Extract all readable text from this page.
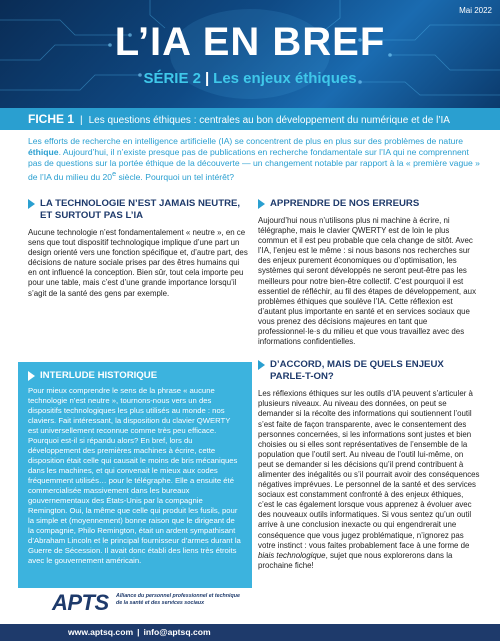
Mai 2022
L’IA EN BREF
SÉRIE 2 | Les enjeux éthiques
FICHE 1 | Les questions éthiques : centrales au bon développement du numérique et de l’IA
Les efforts de recherche en intelligence artificielle (IA) se concentrent de plus en plus sur des problèmes de nature éthique. Aujourd’hui, il n’existe presque pas de publications en recherche fondamentale sur l’IA qui ne comprennent pas de questions sur la portée éthique de la découverte — un changement notable par rapport à la « première vague » de l’IA du milieu du 20e siècle. Pourquoi un tel intérêt?
LA TECHNOLOGIE N’EST JAMAIS NEUTRE, ET SURTOUT PAS L’IA
Aucune technologie n’est fondamentalement « neutre », en ce sens que tout dispositif technologique implique d’une part un design orienté vers une fonction spécifique et, d’autre part, des décisions de nature sociale prises par des êtres humains qui en ont influencé la conception. Bien sûr, tout cela importe peu pour une table, mais c’est d’une grande importance lorsqu’il s’agit de la santé des gens par exemple.
INTERLUDE HISTORIQUE
Pour mieux comprendre le sens de la phrase « aucune technologie n’est neutre », tournons-nous vers un des dispositifs technologiques les plus utilisés au monde : nos claviers. Fait intéressant, la disposition du clavier QWERTY est universellement reconnue comme très peu efficace. Pourquoi est-il si répandu alors? En bref, lors du développement des premières machines à écrire, cette disposition était celle qui causait le moins de bris mécaniques dans les machines, et qui convenait le mieux aux codes fréquemment utilisés… pour le télégraphe. Elle a ensuite été commercialisée massivement dans les bureaux gouvernementaux des États-Unis par la compagnie Remington. Oui, la même que celle qui produit les fusils, pour la simple et (moyennement) bonne raison que le dirigeant de la compagnie, Philo Remington, était un ardent sympathisant d’Abraham Lincoln et le principal fournisseur d’armes durant la Guerre de Sécession. Il avait donc établi des liens très étroits avec le gouvernement américain.
APPRENDRE DE NOS ERREURS
Aujourd’hui nous n’utilisons plus ni machine à écrire, ni télégraphe, mais le clavier QWERTY est de loin le plus commun et il est peu probable que cela change de sitôt. Avec l’IA, l’enjeu est le même : si nous basons nos recherches sur des enjeux purement économiques ou d’optimisation, les systèmes qui seront développés ne seront peut-être pas les meilleurs pour notre bien-être collectif. C’est pourquoi il est essentiel de réfléchir, au fil des étapes de développement, aux problèmes éthiques que soulève l’IA. Cette réflexion est d’autant plus importante en santé et en services sociaux que vous prenez des décisions majeures en tant que professionnel·le·s du milieu et que vous travaillez avec des informations confidentielles.
D’ACCORD, MAIS DE QUELS ENJEUX PARLE-T-ON?
Les réflexions éthiques sur les outils d’IA peuvent s’articuler à plusieurs niveaux. Au niveau des données, on peut se demander si la récolte des informations qui soutiennent l’outil s’est faite de façon transparente, avec le consentement des personnes concernées, si les informations sont justes et bien choisies ou si elles sont représentatives de l’ensemble de la population que l’outil sert. Au niveau de l’outil lui-même, on peut se demander si les décisions qu’il prend contribuent à alimenter des inégalités ou s’il pourrait avoir des conséquences négatives imprévues. Le personnel de la santé et des services sociaux est constamment confronté à des enjeux éthiques, c’est le cas également lorsque vous apprenez à évoluer avec des nouveaux outils informatiques. Si vous sentez qu’un outil arrive à une conclusion inexacte ou qui engendrerait une conséquence que vous jugez problématique, n’ignorez pas votre instinct : vous faites probablement face à une forme de biais technologique, sujet que nous explorerons dans la prochaine fiche!
APTS Alliance du personnel professionnel et technique de la santé et des services sociaux
www.aptsq.com | info@aptsq.com
